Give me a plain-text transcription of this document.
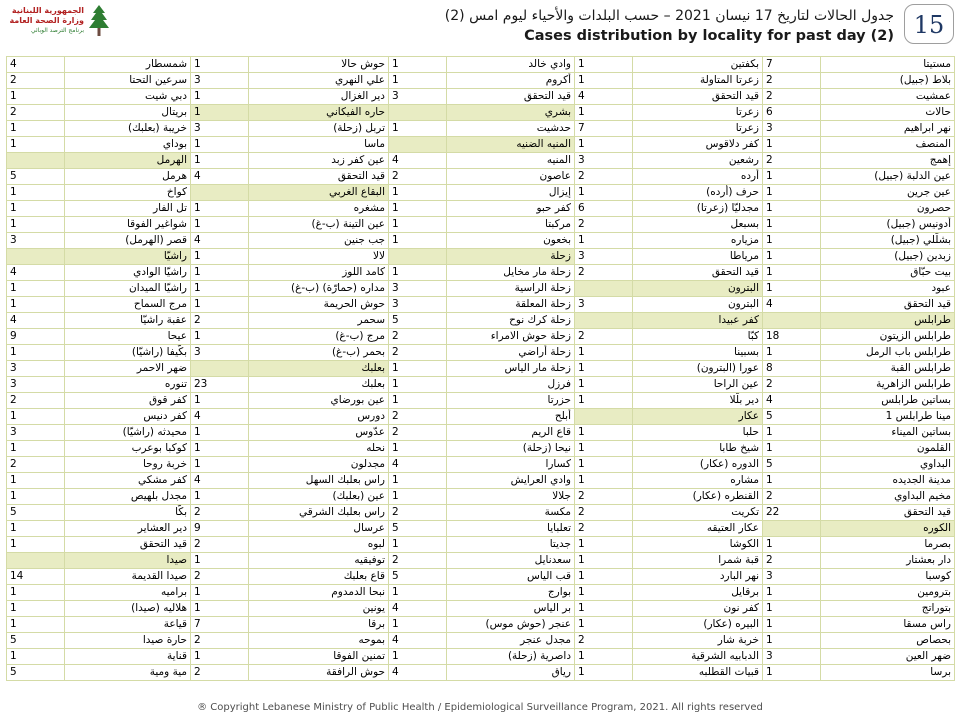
الجمهورية اللبنانية
وزارة الصحة العامة
برنامج الترصد الوبائي
جدول الحالات لتاريخ 17 نيسان 2021 – حسب البلدات والأحياء ليوم امس (2)
Cases distribution by locality for past day (2) 15
4	شمسطار	1	حوش حالا	1	وادي خالد	1	بكفتين	7	مستيتا
2	سرعين التحتا	3	علي النهري	1	أكروم	1	زعرتا المتاولة	2	بلاط (جبيل)
1	دبي شيت	1	دير الغزال	3	قيد التحقق	4	قيد التحقق	2	عمشيت
2	بريتال	1	حاره الفيكاني		بشري	1	زعرتا	6	حالات
1	خريبة (بعلبك)	3	تربل (زحلة)	1	حدشيت	7	زعرتا	3	نهر ابراهيم
1	بوداي	1	ماسا		المنيه الضنيه	1	كفر دلاقوس	1	المنصف
	الهرمل	1	عين كفر زبد	4	المنيه	3	رشعين	2	إهمج
5	هرمل	4	قيد التحقق	2	عاصون	2	أرده	1	عين الدلبة (جبيل)
1	كواخ		البقاع الغربي	1	إيزال	1	حرف (أرده)	1	عين جرين
1	تل الفار	1	مشغره	1	كفر حبو	6	مجدليّا (زعرتا)	1	حصرون
1	شواغير الفوقا	1	عين التينة (ب-غ)	1	مركبتا	2	بسبعل	1	أدونيس (جبيل)
3	قصر (الهرمل)	4	جب جنين	1	بخعون	1	مزياره	1	بشلّلي (جبيل)
	راشيّا	1	لالا		زحلة	3	مرياطا	1	زبدين (جبيل)
4	راشيّا الوادي	1	كامد اللوز	1	زحلة مار مخايل	2	قيد التحقق	1	بيت حبّاق
1	راشيّا الميدان	1	مداره (حمارّة) (ب-غ)	3	زحلة الراسية		البترون	1	عبود
1	مرج السماح	1	حوش الحريمة	3	زحلة المعلقة	3	البترون	4	قيد التحقق
4	عقبة راشيّا	2	سحمر	5	زحلة كرك نوح		كفر عبيدا		طرابلس
9	عيحا	1	مرج (ب-غ)	2	زحلة حوش الامراء	2	كبّا	18	طرابلس الزيتون
1	بكّيفا (راشيّا)	3	بحمر (ب-غ)	2	زحلة أراضي	1	بسبينا	1	طرابلس باب الرمل
3	ضهر الاحمر		بعلبك	1	زحلة مار الياس	1	عورا (البترون)	8	طرابلس القبة
3	تنوره	23	بعلبك	1	فرزل	1	عين الراحا	2	طرابلس الزاهرية
2	كفر قوق	1	عين بورضاي	1	حزرتا	1	دير بلّلا	4	بساتين طرابلس
1	كفر دنيس	4	دورس	2	أبلح		عكار	5	مينا طرابلس 1
3	محيدثه (راشيّا)	1	عدّوس	2	قاع الريم	1	حلبا	1	بساتين الميناء
1	كوكبا بوعرب	1	نحله	1	نيحا (زحلة)	1	شيخ طابا	1	القلمون
2	خربة روحا	1	مجدلون	4	كسارا	1	الدوره (عكار)	5	البداوي
1	كفر مشكي	4	راس بعلبك السهل	1	وادي العرايش	1	مشاره	1	مدينة الجديده
1	مجدل بلهيص	1	عين (بعلبك)	1	جلالا	2	القنطره (عكار)	2	مخيم البداوي
5	بكّا	2	راس بعلبك الشرقي	2	مكسة	2	تكريت	22	قيد التحقق
1	دير العشاير	9	عرسال	5	تعلبايا	2	عكار العتيقه		الكوره
1	قيد التحقق	2	لبوه	1	جديتا	1	الكوشا	1	بصرما
	صيدا	1	توفيقيه	2	سعدنايل	1	قبة شمرا	2	دار بعشتار
14	صيدا القديمة	2	قاع بعلبك	5	قب الياس	1	نهر البارد	3	كوسبا
1	براميه	1	نبحا الدمدوم	1	بوارج	1	برقايل	1	بترومين
1	هلاليه (صيدا)	1	يونين	4	بر الياس	1	كفر نون	1	بتوراتج
1	قياعة	7	برقا	1	عنجر (حوش موس)	1	البيره (عكار)	1	راس مسقا
5	حارة صيدا	2	بموحه	4	مجدل عنجر	2	خربة شار	1	بحصاص
1	قناية	1	تمنين الفوقا	1	داصرية (زحلة)	1	الدبابيه الشرقية	3	ضهر العين
5	مية ومية	2	حوش الرافقة	4	رياق	1	قبيات القطلبه	1	برسا
® Copyright Lebanese Ministry of Public Health / Epidemiological Surveillance Program, 2021. All rights reserved
